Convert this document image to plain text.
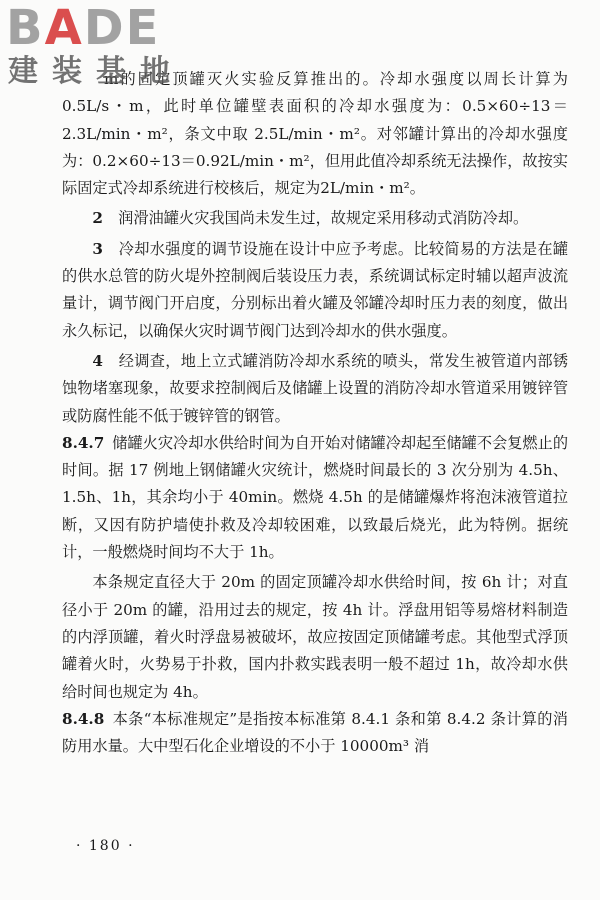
BADE
建装基地

m的固定顶罐灭火实验反算推出的。冷却水强度以周长计算为 0.5L/s・m，此时单位罐壁表面积的冷却水强度为：0.5×60÷13＝2.3L/min・m²，条文中取 2.5L/min・m²。对邻罐计算出的冷却水强度为：0.2×60÷13＝0.92L/min・m²，但用此值冷却系统无法操作，故按实际固定式冷却系统进行校核后，规定为2L/min・m²。

2　 润滑油罐火灾我国尚未发生过，故规定采用移动式消防冷却。

3　 冷却水强度的调节设施在设计中应予考虑。比较简易的方法是在罐的供水总管的防火堤外控制阀后装设压力表，系统调试标定时辅以超声波流量计，调节阀门开启度，分别标出着火罐及邻罐冷却时压力表的刻度，做出永久标记，以确保火灾时调节阀门达到冷却水的供水强度。

4　 经调查，地上立式罐消防冷却水系统的喷头，常发生被管道内部锈蚀物堵塞现象，故要求控制阀后及储罐上设置的消防冷却水管道采用镀锌管或防腐性能不低于镀锌管的钢管。

8.4.7 储罐火灾冷却水供给时间为自开始对储罐冷却起至储罐不会复燃止的时间。据 17 例地上钢储罐火灾统计，燃烧时间最长的 3 次分别为 4.5h、1.5h、1h，其余均小于 40min。燃烧 4.5h 的是储罐爆炸将泡沫液管道拉断，又因有防护墙使扑救及冷却较困难，以致最后烧光，此为特例。据统计，一般燃烧时间均不大于 1h。

本条规定直径大于 20m 的固定顶罐冷却水供给时间，按 6h 计；对直径小于 20m 的罐，沿用过去的规定，按 4h 计。浮盘用铝等易熔材料制造的内浮顶罐，着火时浮盘易被破坏，故应按固定顶储罐考虑。其他型式浮顶罐着火时，火势易于扑救，国内扑救实践表明一般不超过 1h，故冷却水供给时间也规定为 4h。

8.4.8 本条“本标准规定”是指按本标准第 8.4.1 条和第 8.4.2 条计算的消防用水量。大中型石化企业增设的不小于 10000m³ 消

· 180 ·
